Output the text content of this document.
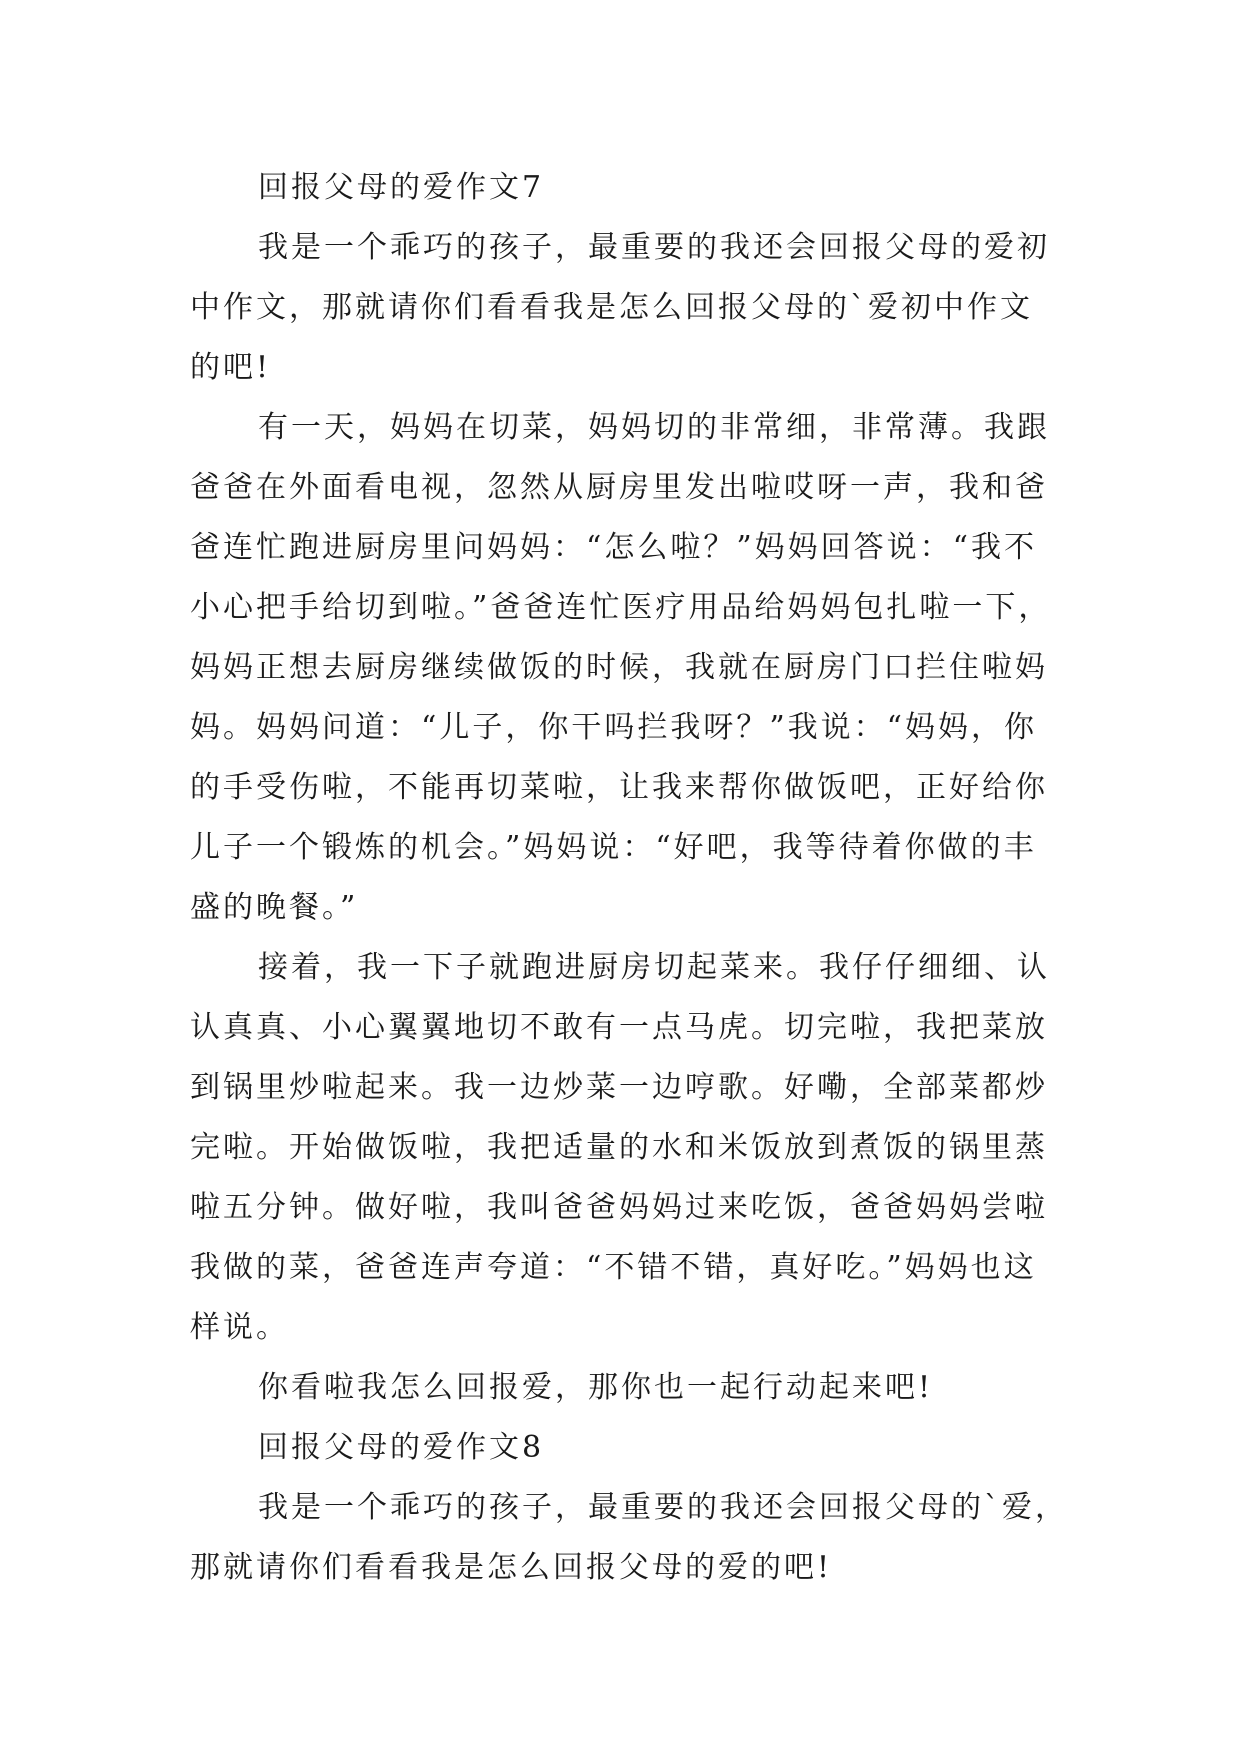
回报父母的爱作文7
我是一个乖巧的孩子，最重要的我还会回报父母的爱初
中作文，那就请你们看看我是怎么回报父母的`爱初中作文
的吧!
有一天，妈妈在切菜，妈妈切的非常细，非常薄。我跟
爸爸在外面看电视，忽然从厨房里发出啦哎呀一声，我和爸
爸连忙跑进厨房里问妈妈：“怎么啦？”妈妈回答说：“我不
小心把手给切到啦。”爸爸连忙医疗用品给妈妈包扎啦一下，
妈妈正想去厨房继续做饭的时候，我就在厨房门口拦住啦妈
妈。妈妈问道：“儿子，你干吗拦我呀？”我说：“妈妈，你
的手受伤啦，不能再切菜啦，让我来帮你做饭吧，正好给你
儿子一个锻炼的机会。”妈妈说：“好吧，我等待着你做的丰
盛的晚餐。”
接着，我一下子就跑进厨房切起菜来。我仔仔细细、认
认真真、小心翼翼地切不敢有一点马虎。切完啦，我把菜放
到锅里炒啦起来。我一边炒菜一边哼歌。好嘞，全部菜都炒
完啦。开始做饭啦，我把适量的水和米饭放到煮饭的锅里蒸
啦五分钟。做好啦，我叫爸爸妈妈过来吃饭，爸爸妈妈尝啦
我做的菜，爸爸连声夸道：“不错不错，真好吃。”妈妈也这
样说。
你看啦我怎么回报爱，那你也一起行动起来吧!
回报父母的爱作文8
我是一个乖巧的孩子，最重要的我还会回报父母的`爱，
那就请你们看看我是怎么回报父母的爱的吧!
